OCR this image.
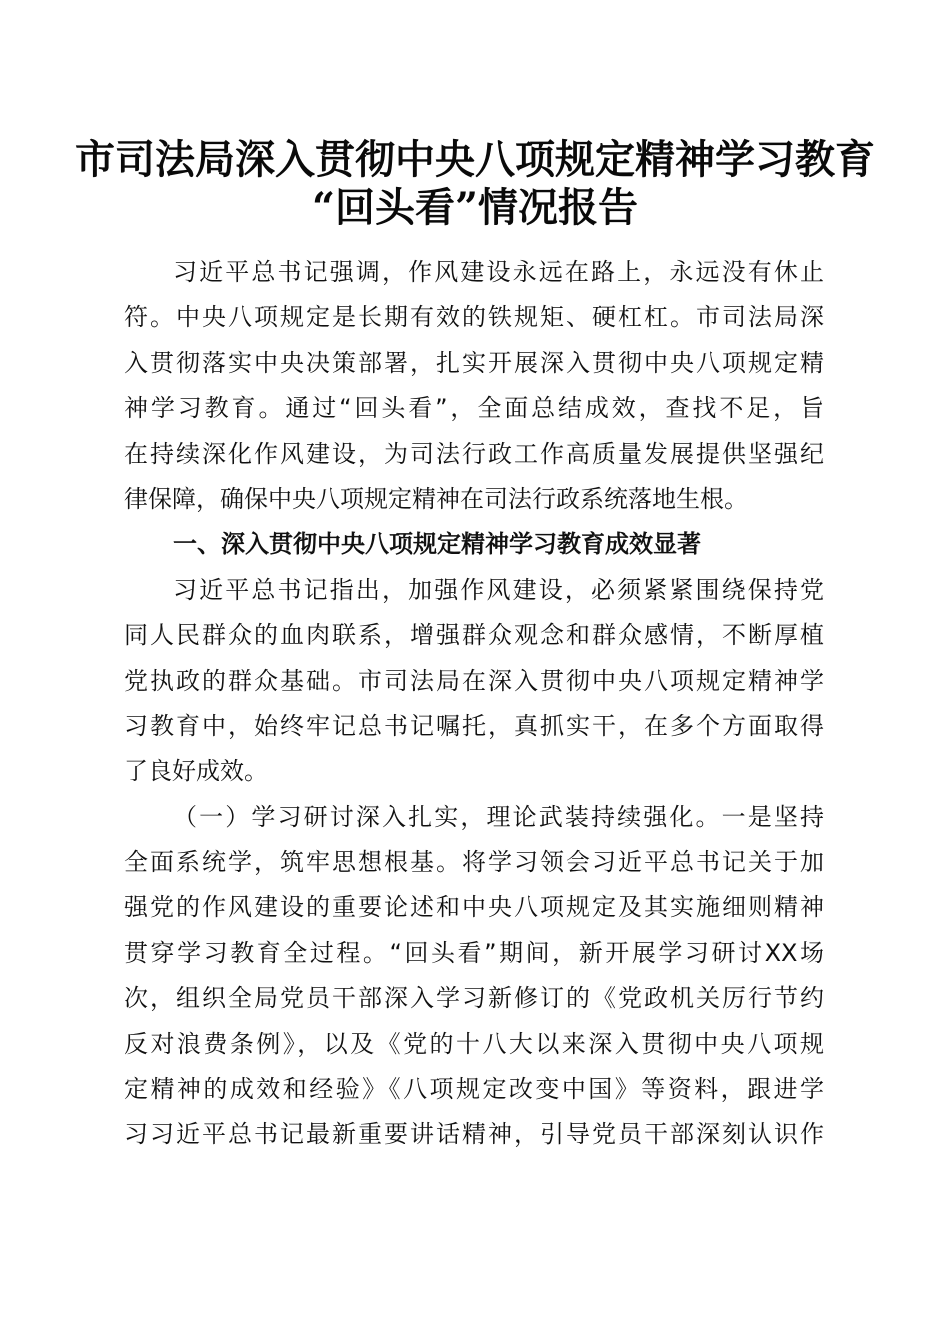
市司法局深入贯彻中央八项规定精神学习教育
“回头看”情况报告
习近平总书记强调，作风建设永远在路上，永远没有休止
符。中央八项规定是长期有效的铁规矩、硬杠杠。市司法局深
入贯彻落实中央决策部署，扎实开展深入贯彻中央八项规定精
神学习教育。通过“回头看”，全面总结成效，查找不足，旨
在持续深化作风建设，为司法行政工作高质量发展提供坚强纪
律保障，确保中央八项规定精神在司法行政系统落地生根。
一、深入贯彻中央八项规定精神学习教育成效显著
习近平总书记指出，加强作风建设，必须紧紧围绕保持党
同人民群众的血肉联系，增强群众观念和群众感情，不断厚植
党执政的群众基础。市司法局在深入贯彻中央八项规定精神学
习教育中，始终牢记总书记嘱托，真抓实干，在多个方面取得
了良好成效。
（一）学习研讨深入扎实，理论武装持续强化。一是坚持
全面系统学，筑牢思想根基。将学习领会习近平总书记关于加
强党的作风建设的重要论述和中央八项规定及其实施细则精神
贯穿学习教育全过程。“回头看”期间，新开展学习研讨XX场
次，组织全局党员干部深入学习新修订的《党政机关厉行节约
反对浪费条例》，以及《党的十八大以来深入贯彻中央八项规
定精神的成效和经验》《八项规定改变中国》等资料，跟进学
习习近平总书记最新重要讲话精神，引导党员干部深刻认识作
